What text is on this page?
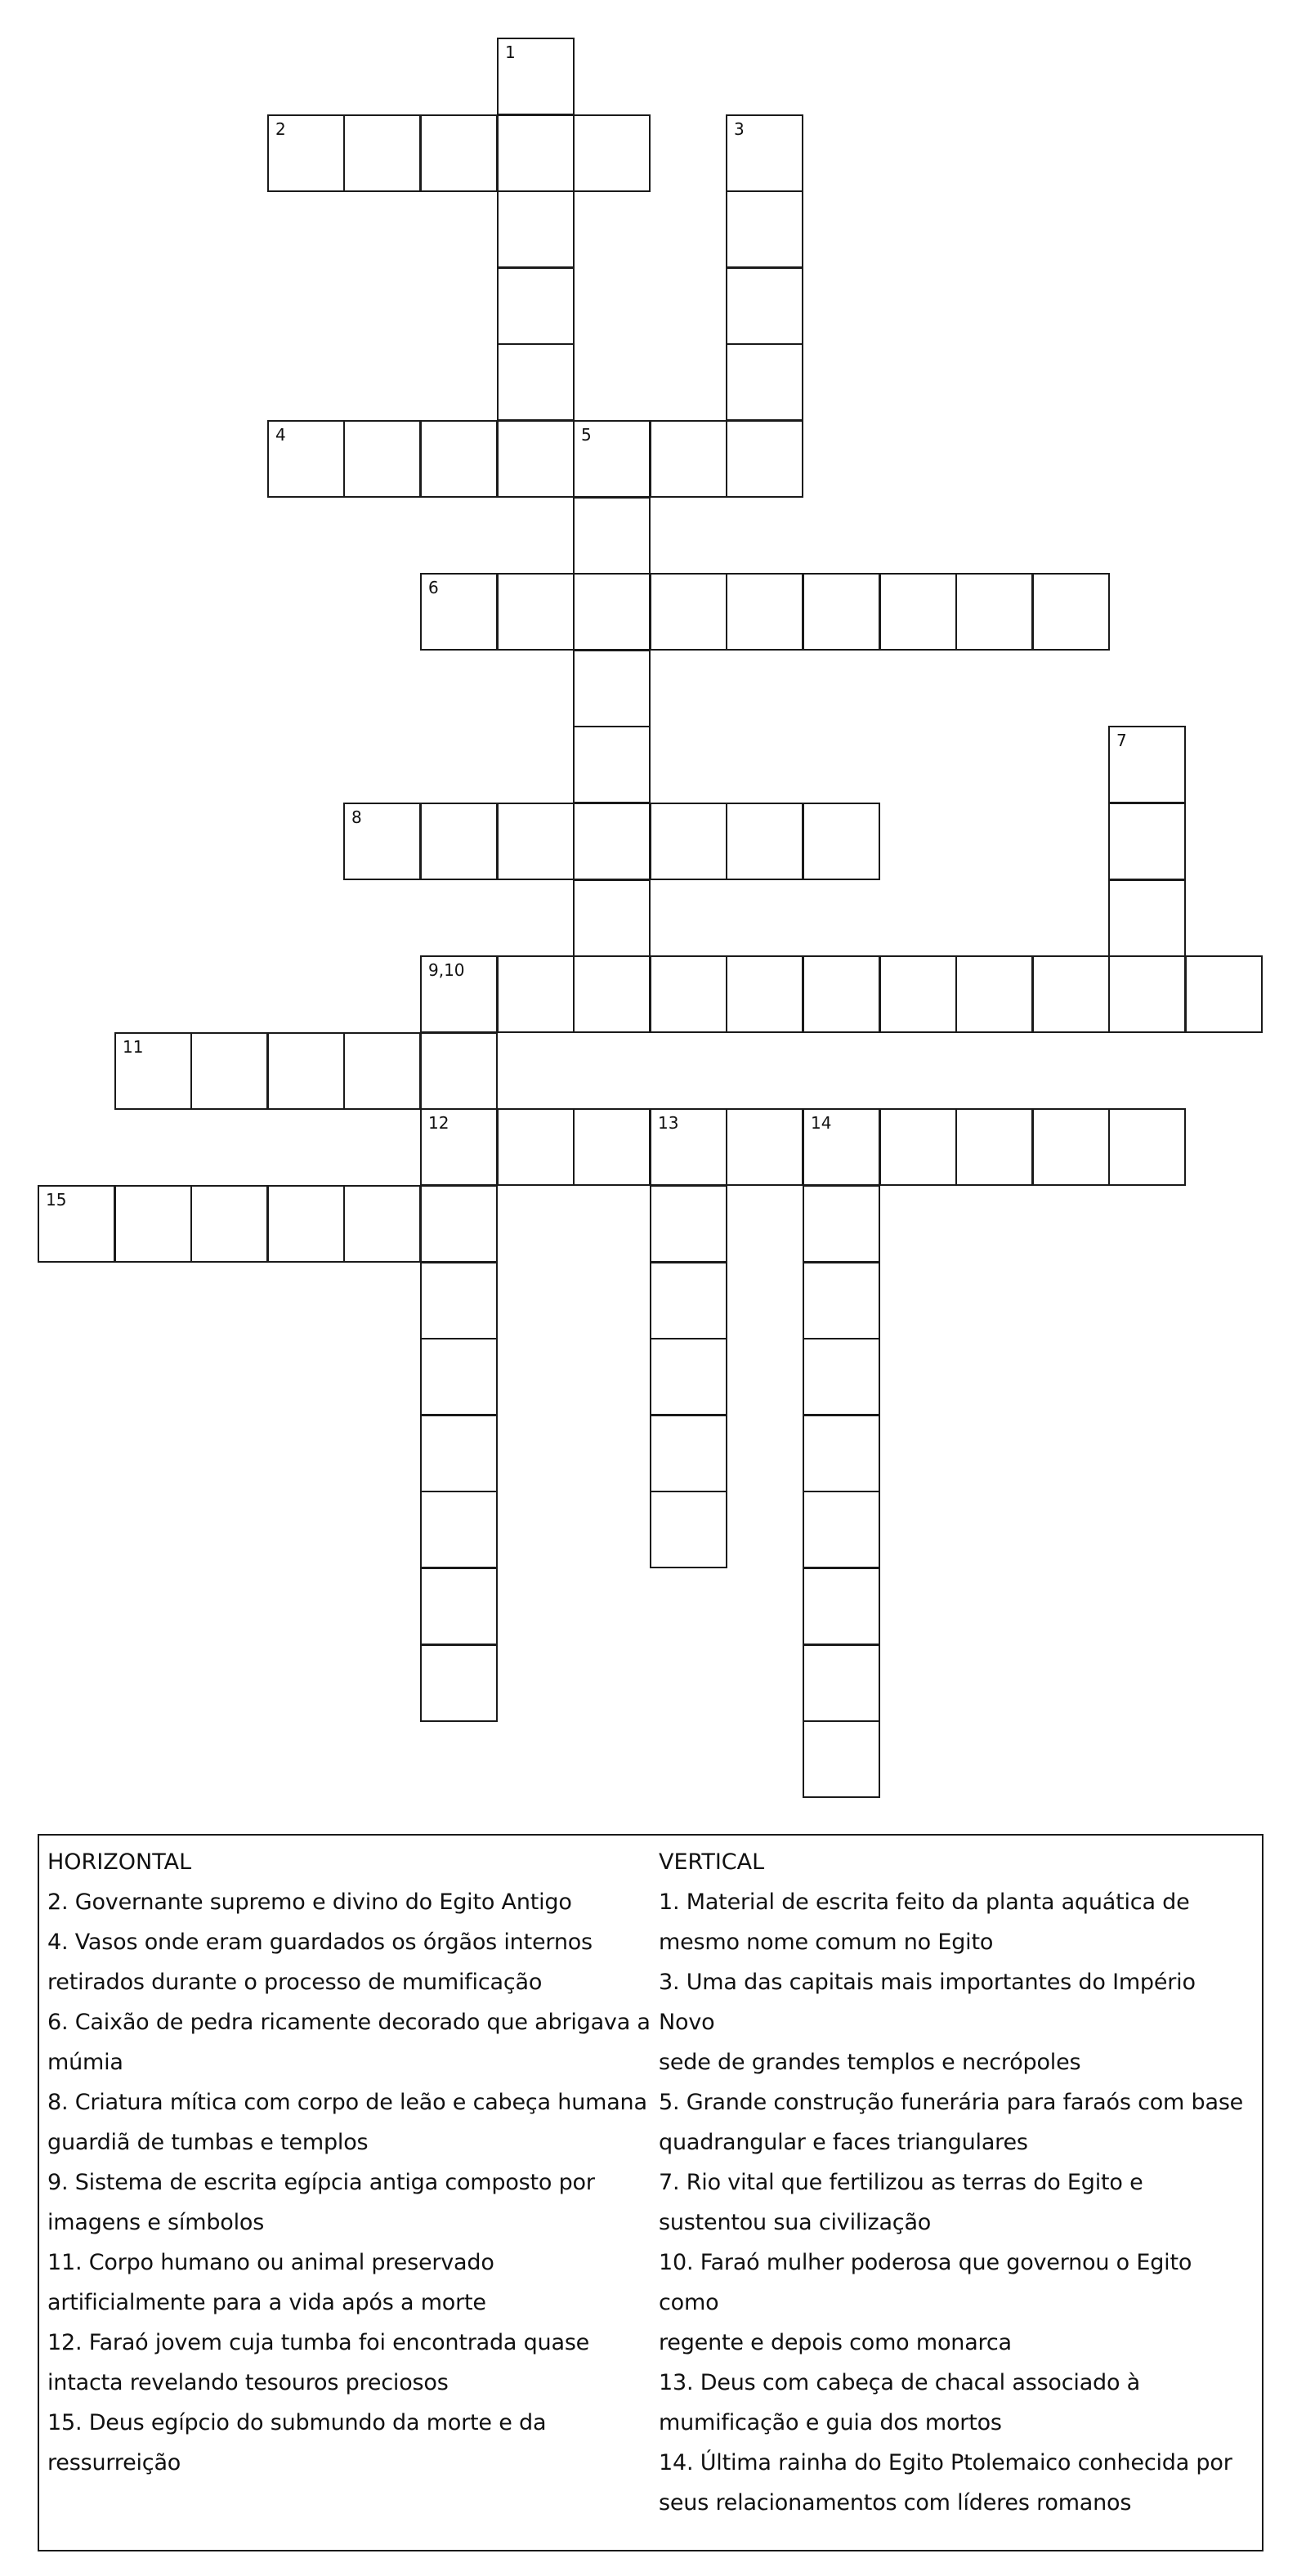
1
2	3
4	5
6
7
8
9,10
11
12	13	14
15
HORIZONTAL
2. Governante supremo e divino do Egito Antigo
4. Vasos onde eram guardados os órgãos internos
retirados durante o processo de mumificação
6. Caixão de pedra ricamente decorado que abrigava a
múmia
8. Criatura mítica com corpo de leão e cabeça humana
guardiã de tumbas e templos
9. Sistema de escrita egípcia antiga composto por
imagens e símbolos
11. Corpo humano ou animal preservado
artificialmente para a vida após a morte
12. Faraó jovem cuja tumba foi encontrada quase
intacta revelando tesouros preciosos
15. Deus egípcio do submundo da morte e da
ressurreição
VERTICAL
1. Material de escrita feito da planta aquática de
mesmo nome comum no Egito
3. Uma das capitais mais importantes do Império Novo
sede de grandes templos e necrópoles
5. Grande construção funerária para faraós com base
quadrangular e faces triangulares
7. Rio vital que fertilizou as terras do Egito e
sustentou sua civilização
10. Faraó mulher poderosa que governou o Egito como
regente e depois como monarca
13. Deus com cabeça de chacal associado à
mumificação e guia dos mortos
14. Última rainha do Egito Ptolemaico conhecida por
seus relacionamentos com líderes romanos
